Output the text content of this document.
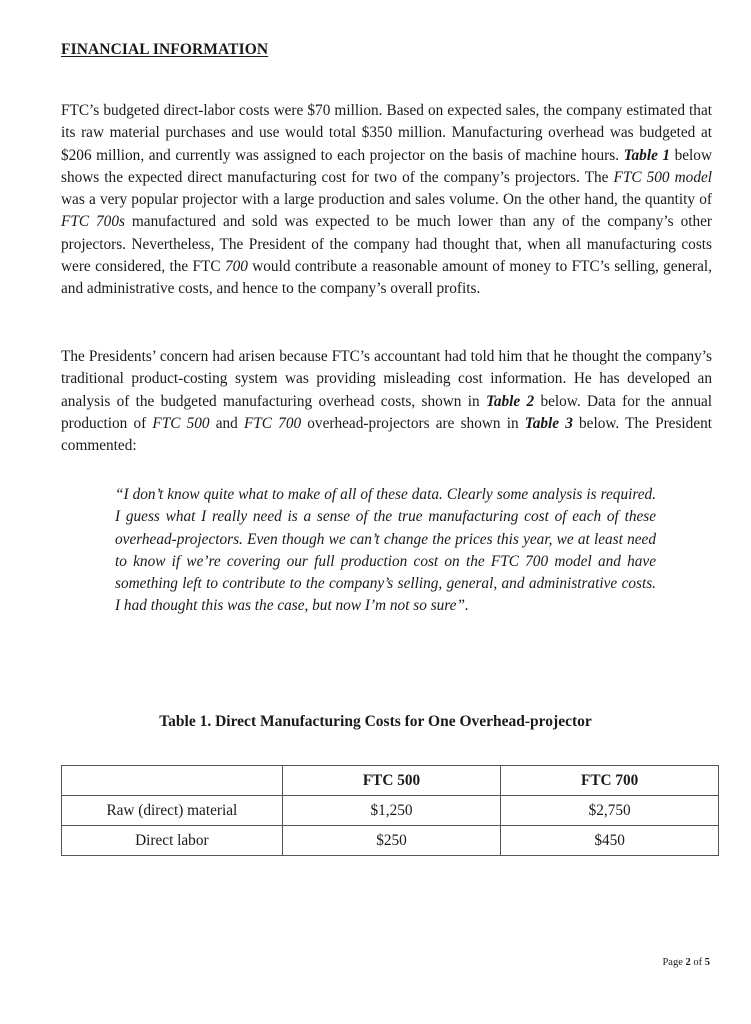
FINANCIAL INFORMATION

FTC’s budgeted direct-labor costs were $70 million. Based on expected sales, the company estimated that its raw material purchases and use would total $350 million. Manufacturing overhead was budgeted at $206 million, and currently was assigned to each projector on the basis of machine hours. Table 1 below shows the expected direct manufacturing cost for two of the company’s projectors. The FTC 500 model was a very popular projector with a large production and sales volume. On the other hand, the quantity of FTC 700s manufactured and sold was expected to be much lower than any of the company’s other projectors. Nevertheless, The President of the company had thought that, when all manufacturing costs were considered, the FTC 700 would contribute a reasonable amount of money to FTC’s selling, general, and administrative costs, and hence to the company’s overall profits.

The Presidents’ concern had arisen because FTC’s accountant had told him that he thought the company’s traditional product-costing system was providing misleading cost information. He has developed an analysis of the budgeted manufacturing overhead costs, shown in Table 2 below. Data for the annual production of FTC 500 and FTC 700 overhead-projectors are shown in Table 3 below. The President commented:

“I don’t know quite what to make of all of these data. Clearly some analysis is required. I guess what I really need is a sense of the true manufacturing cost of each of these overhead-projectors. Even though we can’t change the prices this year, we at least need to know if we’re covering our full production cost on the FTC 700 model and have something left to contribute to the company’s selling, general, and administrative costs. I had thought this was the case, but now I’m not so sure”.

Table 1. Direct Manufacturing Costs for One Overhead-projector
	FTC 500	FTC 700
Raw (direct) material	$1,250	$2,750
Direct labor	$250	$450
Page 2 of 5
